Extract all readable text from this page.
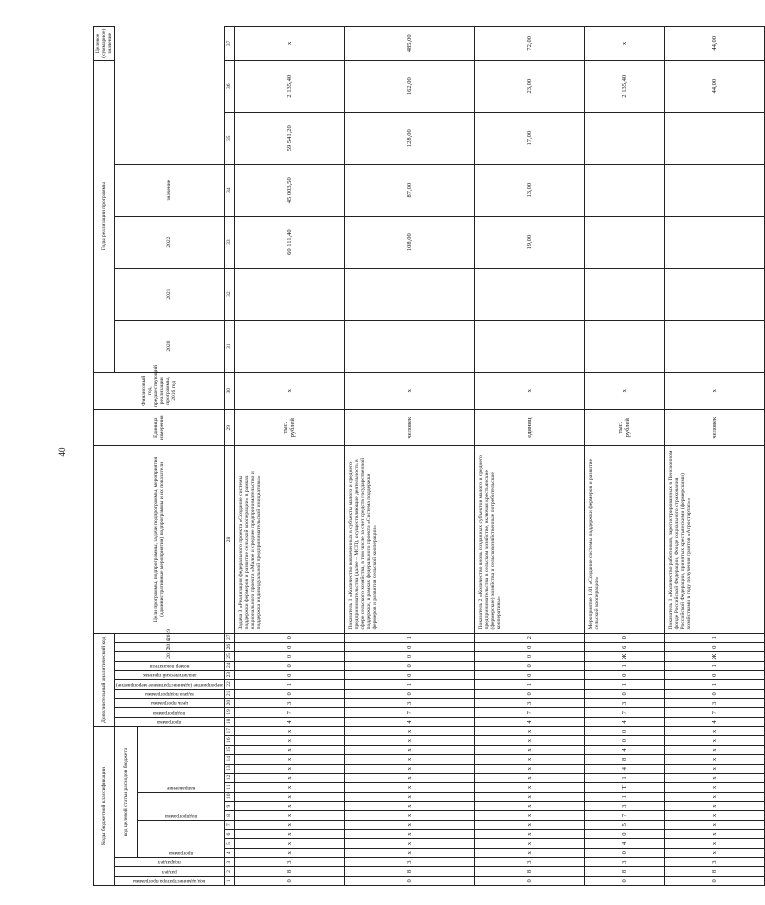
40
Коды бюджетной классификации																	Дополнительный аналитический код										Цели программы, подпрограммы, задачи подпрограммы, мероприятия (административные мероприятия) подпрограммы и их показатели	Единица измерения	Финансовый год, предшествующий реализации программы, 2016 год	Годы реализации программы						Целевое (суммарное) значение

код администратора программы	раздел	подраздел	код целевой статьи расходов бюджета														программа	подпрограмма	цель программы	задача подпрограммы	мероприятие (административное мероприятие)	аналитический признак	номер показателя	2017	2018	2019				2020	2021	2022	значение			

			программа				подпрограмма			направление																										

1	2	3	4	5	6	7	8	9	10	11	12	13	14	15	16	17	18	19	20	21	22	23	24	25	26	27	28	29	30	31	32	33	34	35	36	37
0	8	3	х	х	х	х	х	х	х	х	х	х	х	х	х	х	4	7	3	0	1	0	0	0	0	0	Задача 3 «Реализация федерального проекта «Создание системы поддержки фермеров и развитие сельской кооперации» в рамках национального проекта «Малое и среднее предпринимательство и поддержка индивидуальной предпринимательской инициативы»	тыс. рублей	х			60 111,40	45 003,50	59 541,20	2 135,40	х
0	8	3	х	х	х	х	х	х	х	х	х	х	х	х	х	х	4	7	3	0	1	0	0	0	0	1	Показатель 1 «Количество вовлеченных в субъекты малого и среднего предпринимательства (далее – МСП), осуществляющие деятельность в сфере сельского хозяйства, в том числе за счет средств государственной поддержки, в рамках федерального проекта «Система поддержки фермеров и развития сельской кооперации»	человек	х			108,00	87,00	128,00	162,00	485,00
0	8	3	х	х	х	х	х	х	х	х	х	х	х	х	х	х	4	7	3	0	1	0	0	0	0	2	Показатель 2 «Количество вновь созданных субъектов малого и среднего предпринимательства в сельском хозяйстве, включая крестьянские (фермерские) хозяйства и сельскохозяйственные потребительские кооперативы»	единиц	х			19,00	13,00	17,00	23,00	72,00
0	8	3	0	4	0	5	7	3	1	Т	1	4	8	4	0	0	4	7	3	0	1	0	1	Ж	6	0	Мероприятие 1.01 «Создание системы поддержки фермеров и развитие сельской кооперации»	тыс. рублей	х						2 135,40	х
0	8	3	х	х	х	х	х	х	х	х	х	х	х	х	х	х	4	7	3	0	1	0	1	Ж	0	1	Показатель 1 «Количество работников, зарегистрированных в Пенсионном фонде Российской Федерации, Фонде социального страхования Российской Федерации, принятых крестьянскими (фермерскими) хозяйствами в году получения грантов «Агростартап»»	человек	х						44,00	44,00
